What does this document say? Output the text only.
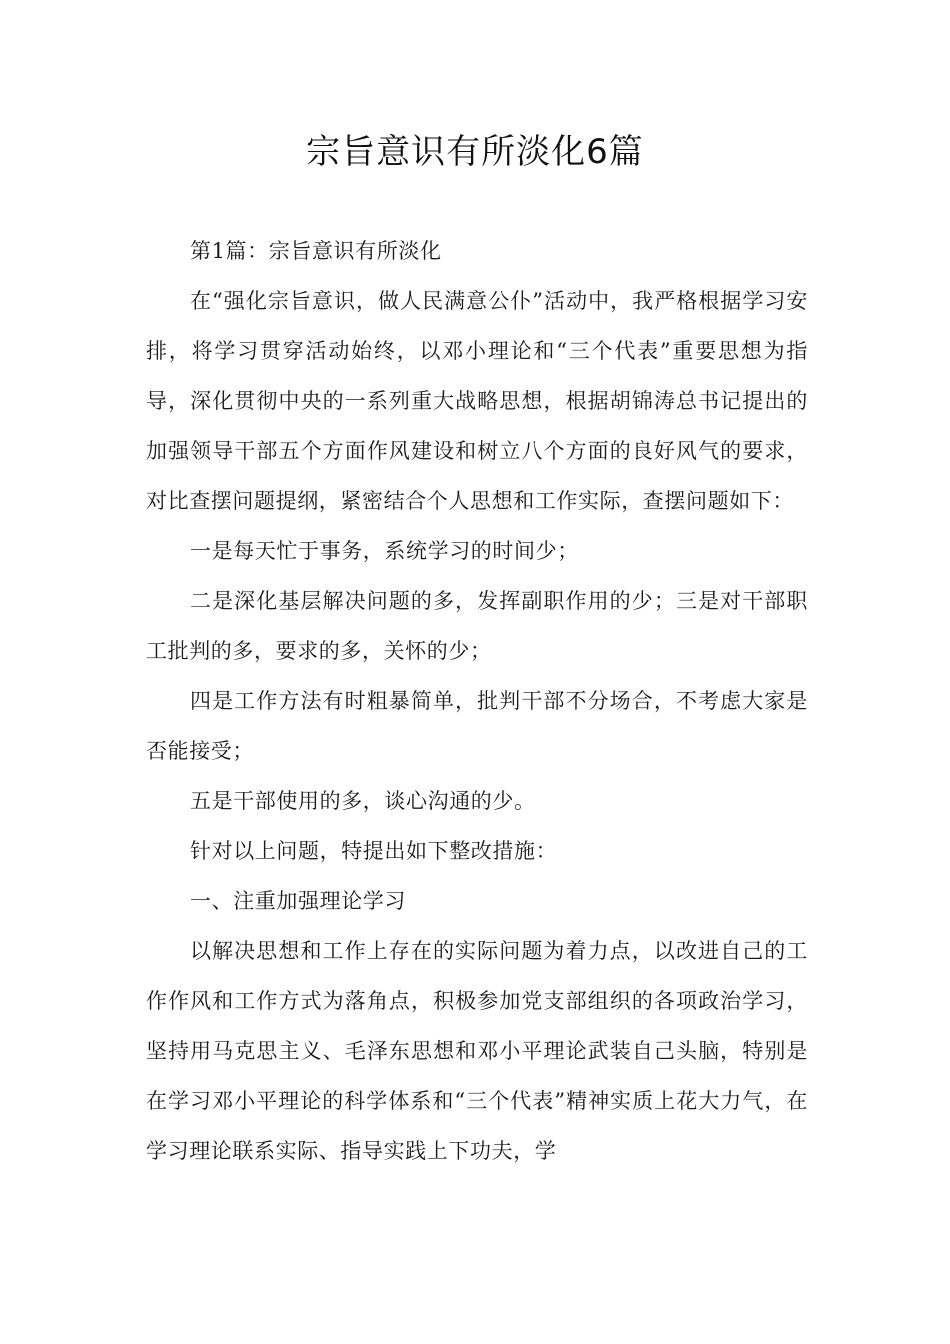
宗旨意识有所淡化6篇

第1篇：宗旨意识有所淡化

在“强化宗旨意识，做人民满意公仆”活动中，我严格根据学习安排，将学习贯穿活动始终，以邓小理论和“三个代表”重要思想为指导，深化贯彻中央的一系列重大战略思想，根据胡锦涛总书记提出的加强领导干部五个方面作风建设和树立八个方面的良好风气的要求，对比查摆问题提纲，紧密结合个人思想和工作实际，查摆问题如下：

一是每天忙于事务，系统学习的时间少；

二是深化基层解决问题的多，发挥副职作用的少；三是对干部职工批判的多，要求的多，关怀的少；

四是工作方法有时粗暴简单，批判干部不分场合，不考虑大家是否能接受；

五是干部使用的多，谈心沟通的少。

针对以上问题，特提出如下整改措施：

一、注重加强理论学习

以解决思想和工作上存在的实际问题为着力点，以改进自己的工作作风和工作方式为落角点，积极参加党支部组织的各项政治学习，坚持用马克思主义、毛泽东思想和邓小平理论武装自己头脑，特别是在学习邓小平理论的科学体系和“三个代表”精神实质上花大力气，在学习理论联系实际、指导实践上下功夫，学
